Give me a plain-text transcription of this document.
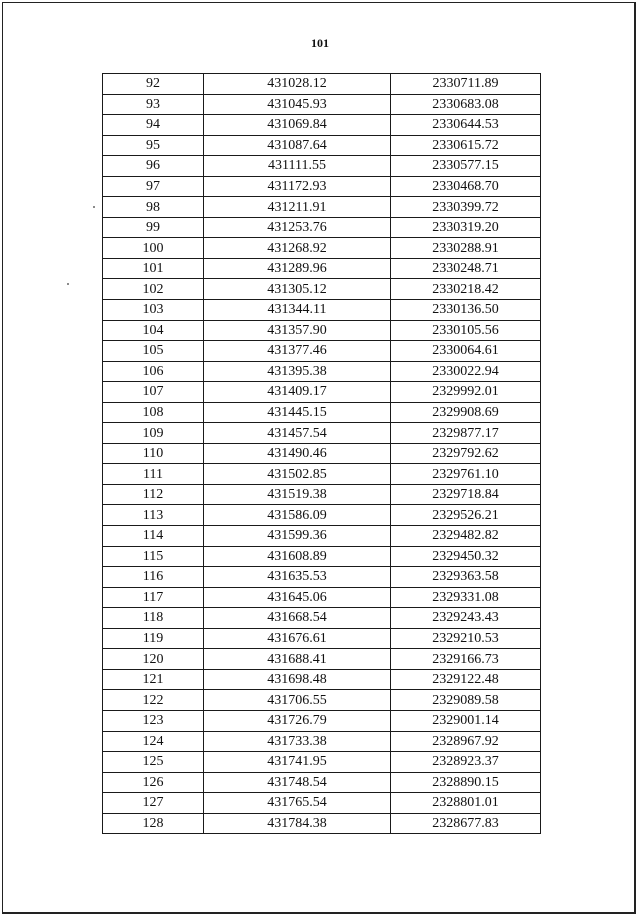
101
92	431028.12	2330711.89
93	431045.93	2330683.08
94	431069.84	2330644.53
95	431087.64	2330615.72
96	431111.55	2330577.15
97	431172.93	2330468.70
98	431211.91	2330399.72
99	431253.76	2330319.20
100	431268.92	2330288.91
101	431289.96	2330248.71
102	431305.12	2330218.42
103	431344.11	2330136.50
104	431357.90	2330105.56
105	431377.46	2330064.61
106	431395.38	2330022.94
107	431409.17	2329992.01
108	431445.15	2329908.69
109	431457.54	2329877.17
110	431490.46	2329792.62
111	431502.85	2329761.10
112	431519.38	2329718.84
113	431586.09	2329526.21
114	431599.36	2329482.82
115	431608.89	2329450.32
116	431635.53	2329363.58
117	431645.06	2329331.08
118	431668.54	2329243.43
119	431676.61	2329210.53
120	431688.41	2329166.73
121	431698.48	2329122.48
122	431706.55	2329089.58
123	431726.79	2329001.14
124	431733.38	2328967.92
125	431741.95	2328923.37
126	431748.54	2328890.15
127	431765.54	2328801.01
128	431784.38	2328677.83
